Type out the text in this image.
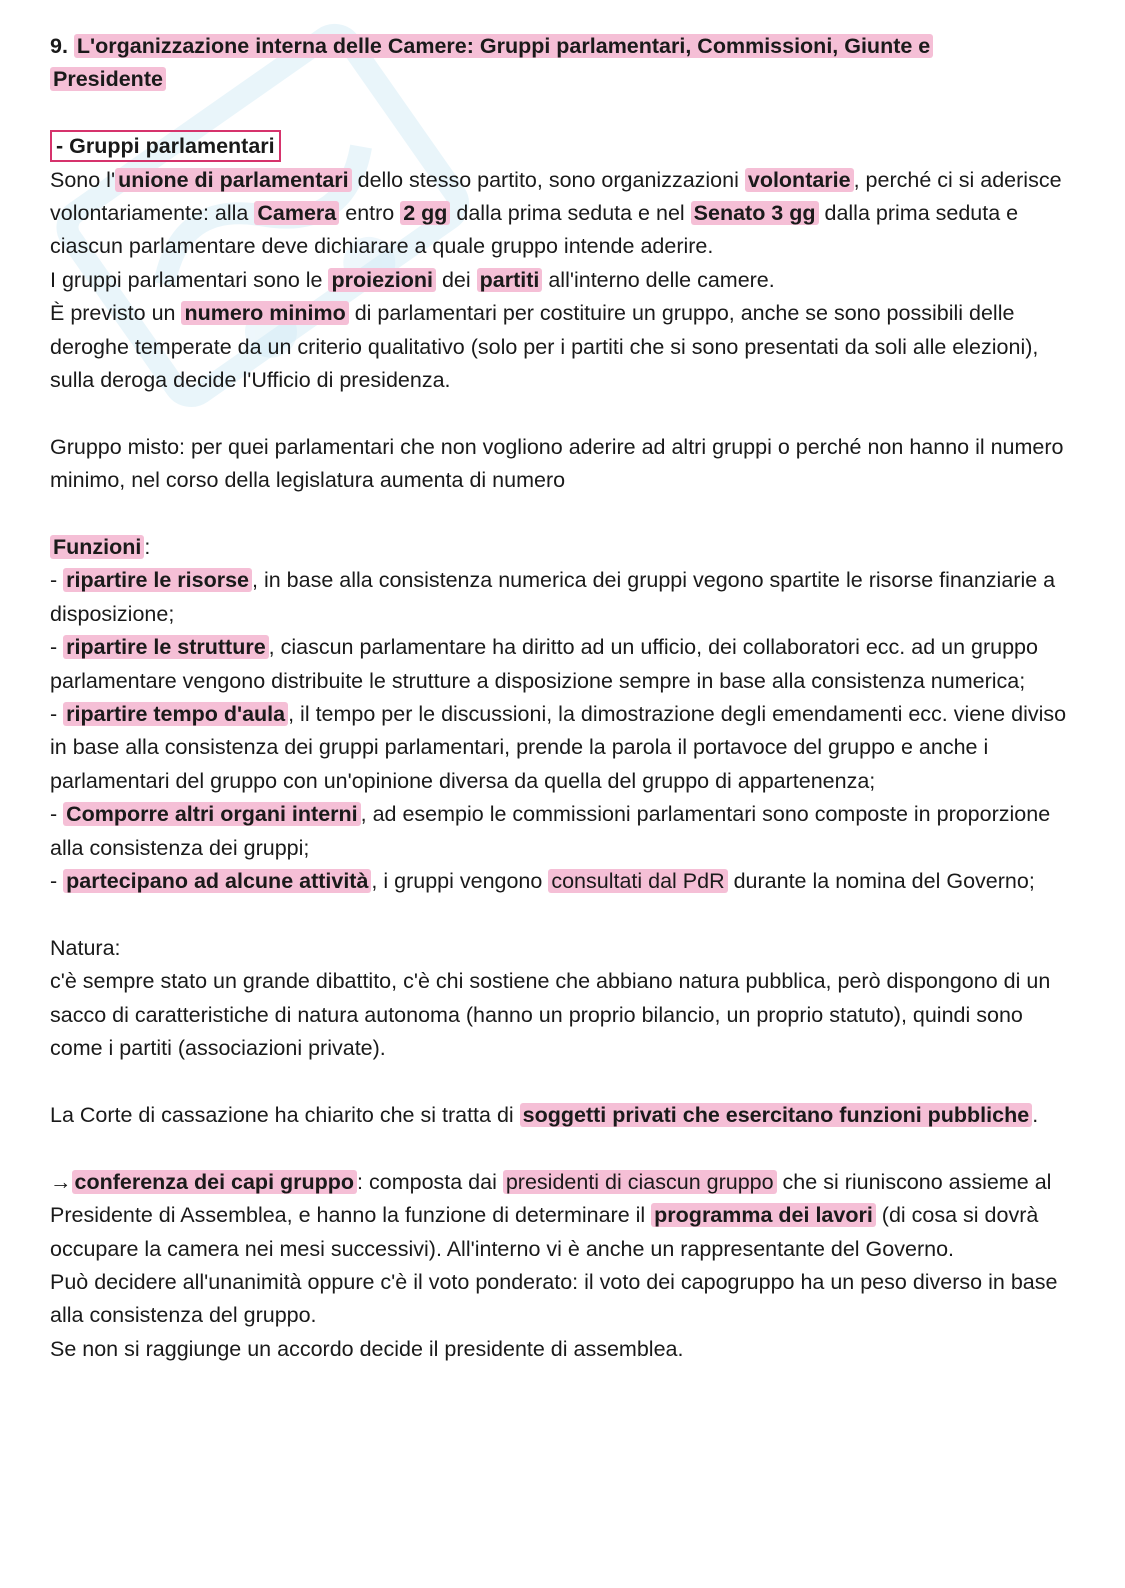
9. L'organizzazione interna delle Camere: Gruppi parlamentari, Commissioni, Giunte e
Presidente

- Gruppi parlamentari

Sono l' unione di parlamentari dello stesso partito, sono organizzazioni volontarie , perché ci si aderisce volontariamente: alla Camera entro 2 gg dalla prima seduta e nel Senato 3 gg dalla prima seduta e ciascun parlamentare deve dichiarare a quale gruppo intende aderire.

I gruppi parlamentari sono le proiezioni dei partiti all'interno delle camere.

È previsto un numero minimo di parlamentari per costituire un gruppo, anche se sono possibili delle deroghe temperate da un criterio qualitativo (solo per i partiti che si sono presentati da soli alle elezioni), sulla deroga decide l'Ufficio di presidenza.

Gruppo misto: per quei parlamentari che non vogliono aderire ad altri gruppi o perché non hanno il numero minimo, nel corso della legislatura aumenta di numero

Funzioni :

- ripartire le risorse , in base alla consistenza numerica dei gruppi vegono spartite le risorse finanziarie a disposizione;

- ripartire le strutture , ciascun parlamentare ha diritto ad un ufficio, dei collaboratori ecc. ad un gruppo parlamentare vengono distribuite le strutture a disposizione sempre in base alla consistenza numerica;

- ripartire tempo d'aula , il tempo per le discussioni, la dimostrazione degli emendamenti ecc. viene diviso in base alla consistenza dei gruppi parlamentari, prende la parola il portavoce del gruppo e anche i parlamentari del gruppo con un'opinione diversa da quella del gruppo di appartenenza;

- Comporre altri organi interni , ad esempio le commissioni parlamentari sono composte in proporzione alla consistenza dei gruppi;

- partecipano ad alcune attività , i gruppi vengono consultati dal PdR durante la nomina del Governo;

Natura:

c'è sempre stato un grande dibattito, c'è chi sostiene che abbiano natura pubblica, però dispongono di un sacco di caratteristiche di natura autonoma (hanno un proprio bilancio, un proprio statuto), quindi sono come i partiti (associazioni private).

La Corte di cassazione ha chiarito che si tratta di soggetti privati che esercitano funzioni pubbliche .

→ conferenza dei capi gruppo : composta dai presidenti di ciascun gruppo che si riuniscono assieme al Presidente di Assemblea, e hanno la funzione di determinare il programma dei lavori (di cosa si dovrà occupare la camera nei mesi successivi). All'interno vi è anche un rappresentante del Governo.

Può decidere all'unanimità oppure c'è il voto ponderato: il voto dei capogruppo ha un peso diverso in base alla consistenza del gruppo.

Se non si raggiunge un accordo decide il presidente di assemblea.
